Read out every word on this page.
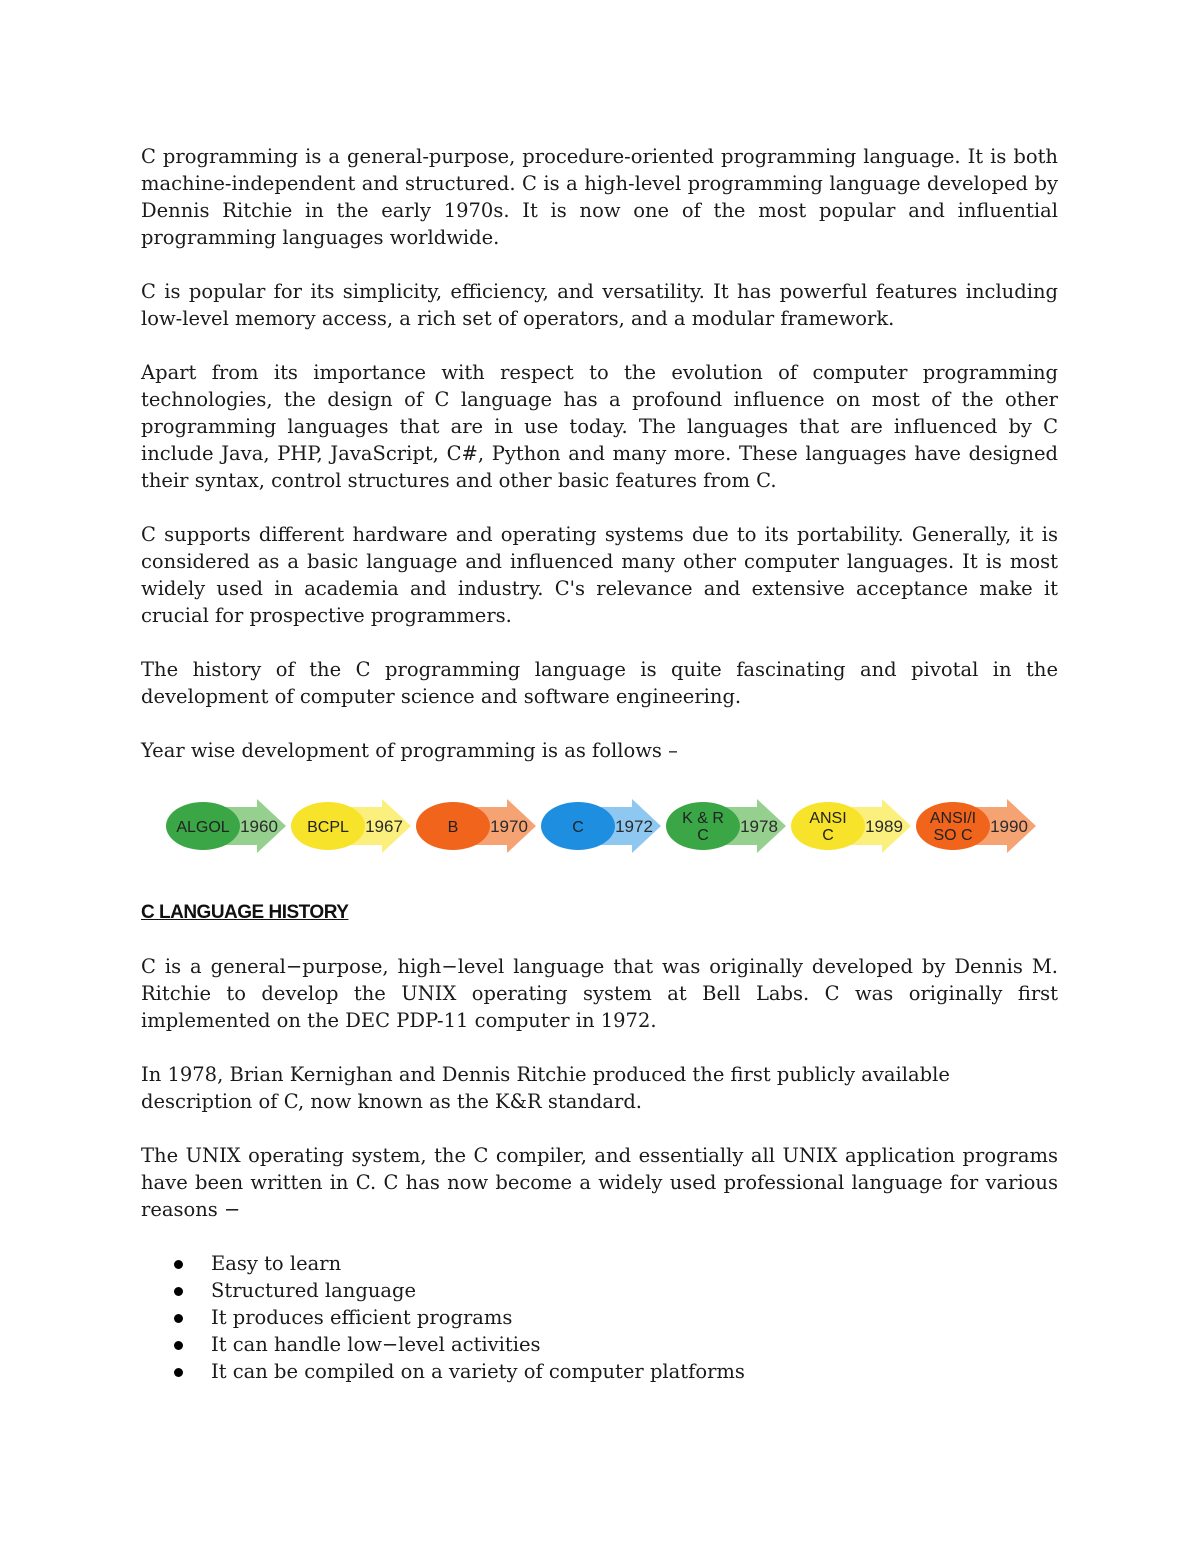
C programming is a general-purpose, procedure-oriented programming language. It is both machine-independent and structured. C is a high-level programming language developed by Dennis Ritchie in the early 1970s. It is now one of the most popular and influential programming languages worldwide.

C is popular for its simplicity, efficiency, and versatility. It has powerful features including low-level memory access, a rich set of operators, and a modular framework.

Apart from its importance with respect to the evolution of computer programming technologies, the design of C language has a profound influence on most of the other programming languages that are in use today. The languages that are influenced by C include Java, PHP, JavaScript, C#, Python and many more. These languages have designed their syntax, control structures and other basic features from C.

C supports different hardware and operating systems due to its portability. Generally, it is considered as a basic language and influenced many other computer languages. It is most widely used in academia and industry. C's relevance and extensive acceptance make it crucial for prospective programmers.

The history of the C programming language is quite fascinating and pivotal in the development of computer science and software engineering.

Year wise development of programming is as follows –

ALGOL 1960 BCPL 1967	B 1970	C 1972 K & R
C 1978 ANSI
C 1989 ANSI/I
SO C 1990
C LANGUAGE HISTORY

C is a general−purpose, high−level language that was originally developed by Dennis M. Ritchie to develop the UNIX operating system at Bell Labs. C was originally first implemented on the DEC PDP-11 computer in 1972.

In 1978, Brian Kernighan and Dennis Ritchie produced the first publicly available description of C, now known as the K&R standard.

The UNIX operating system, the C compiler, and essentially all UNIX application programs have been written in C. C has now become a widely used professional language for various reasons −

Easy to learn
Structured language
It produces efficient programs
It can handle low−level activities
It can be compiled on a variety of computer platforms
